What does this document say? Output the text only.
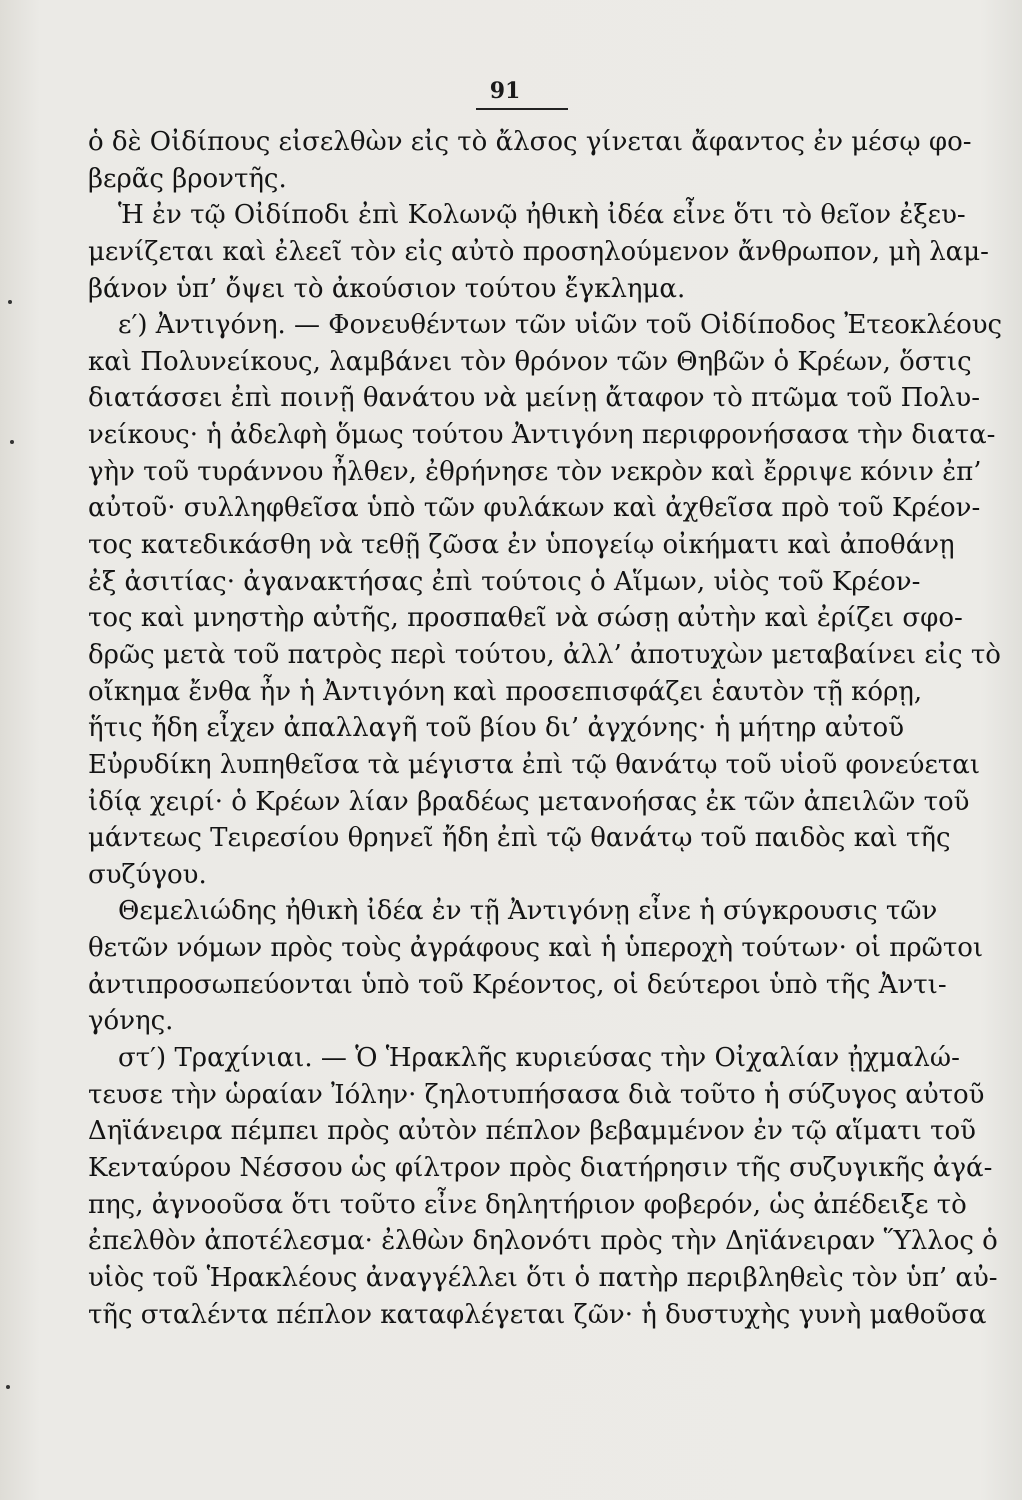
91
ὁ δὲ Οἰδίπους εἰσελθὼν εἰς τὸ ἄλσος γίνεται ἄφαντος ἐν μέσῳ φο-
βερᾶς βροντῆς.
Ἡ ἐν τῷ Οἰδίποδι ἐπὶ Κολωνῷ ἠθικὴ ἰδέα εἶνε ὅτι τὸ θεῖον ἐξευ-
μενίζεται καὶ ἐλεεῖ τὸν εἰς αὐτὸ προσηλούμενον ἄνθρωπον, μὴ λαμ-
βάνον ὑπ’ ὄψει τὸ ἀκούσιον τούτου ἔγκλημα.
ε′) Ἀντιγόνη. — Φονευθέντων τῶν υἱῶν τοῦ Οἰδίποδος Ἐτεοκλέους
καὶ Πολυνείκους, λαμβάνει τὸν θρόνον τῶν Θηβῶν ὁ Κρέων, ὅστις
διατάσσει ἐπὶ ποινῇ θανάτου νὰ μείνῃ ἄταφον τὸ πτῶμα τοῦ Πολυ-
νείκους· ἡ ἀδελφὴ ὅμως τούτου Ἀντιγόνη περιφρονήσασα τὴν διατα-
γὴν τοῦ τυράννου ἦλθεν, ἐθρήνησε τὸν νεκρὸν καὶ ἔρριψε κόνιν ἐπ’
αὐτοῦ· συλληφθεῖσα ὑπὸ τῶν φυλάκων καὶ ἀχθεῖσα πρὸ τοῦ Κρέον-
τος κατεδικάσθη νὰ τεθῇ ζῶσα ἐν ὑπογείῳ οἰκήματι καὶ ἀποθάνῃ
ἐξ ἀσιτίας· ἀγανακτήσας ἐπὶ τούτοις ὁ Αἵμων, υἱὸς τοῦ Κρέον-
τος καὶ μνηστὴρ αὐτῆς, προσπαθεῖ νὰ σώσῃ αὐτὴν καὶ ἐρίζει σφο-
δρῶς μετὰ τοῦ πατρὸς περὶ τούτου, ἀλλ’ ἀποτυχὼν μεταβαίνει εἰς τὸ
οἴκημα ἔνθα ἦν ἡ Ἀντιγόνη καὶ προσεπισφάζει ἑαυτὸν τῇ κόρῃ,
ἥτις ἤδη εἶχεν ἀπαλλαγῆ τοῦ βίου δι’ ἀγχόνης· ἡ μήτηρ αὐτοῦ
Εὐρυδίκη λυπηθεῖσα τὰ μέγιστα ἐπὶ τῷ θανάτῳ τοῦ υἱοῦ φονεύεται
ἰδίᾳ χειρί· ὁ Κρέων λίαν βραδέως μετανοήσας ἐκ τῶν ἀπειλῶν τοῦ
μάντεως Τειρεσίου θρηνεῖ ἤδη ἐπὶ τῷ θανάτῳ τοῦ παιδὸς καὶ τῆς
συζύγου.
Θεμελιώδης ἠθικὴ ἰδέα ἐν τῇ Ἀντιγόνῃ εἶνε ἡ σύγκρουσις τῶν
θετῶν νόμων πρὸς τοὺς ἀγράφους καὶ ἡ ὑπεροχὴ τούτων· οἱ πρῶτοι
ἀντιπροσωπεύονται ὑπὸ τοῦ Κρέοντος, οἱ δεύτεροι ὑπὸ τῆς Ἀντι-
γόνης.
στ′) Τραχίνιαι. — Ὁ Ἡρακλῆς κυριεύσας τὴν Οἰχαλίαν ᾐχμαλώ-
τευσε τὴν ὡραίαν Ἰόλην· ζηλοτυπήσασα διὰ τοῦτο ἡ σύζυγος αὐτοῦ
Δηϊάνειρα πέμπει πρὸς αὐτὸν πέπλον βεβαμμένον ἐν τῷ αἵματι τοῦ
Κενταύρου Νέσσου ὡς φίλτρον πρὸς διατήρησιν τῆς συζυγικῆς ἀγά-
πης, ἀγνοοῦσα ὅτι τοῦτο εἶνε δηλητήριον φοβερόν, ὡς ἀπέδειξε τὸ
ἐπελθὸν ἀποτέλεσμα· ἐλθὼν δηλονότι πρὸς τὴν Δηϊάνειραν Ὕλλος ὁ
υἱὸς τοῦ Ἡρακλέους ἀναγγέλλει ὅτι ὁ πατὴρ περιβληθεὶς τὸν ὑπ’ αὐ-
τῆς σταλέντα πέπλον καταφλέγεται ζῶν· ἡ δυστυχὴς γυνὴ μαθοῦσα
